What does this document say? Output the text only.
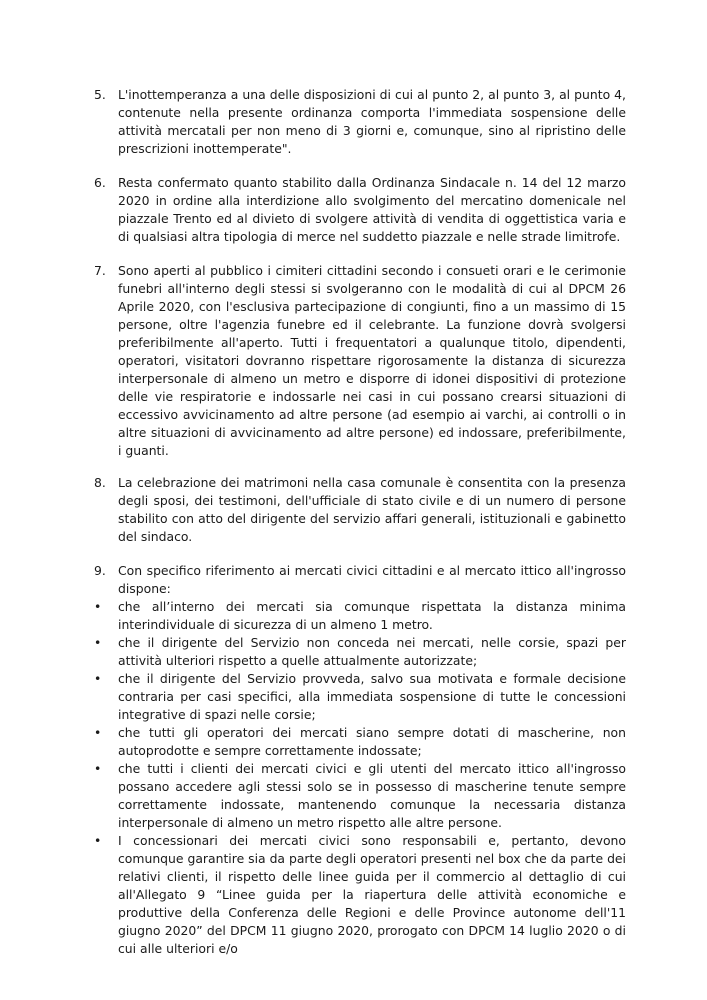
5. L'inottemperanza a una delle disposizioni di cui al punto 2, al punto 3, al punto 4, contenute nella presente ordinanza comporta l'immediata sospensione delle attività mercatali per non meno di 3 giorni e, comunque, sino al ripristino delle prescrizioni inottemperate".
6. Resta confermato quanto stabilito dalla Ordinanza Sindacale n. 14 del 12 marzo 2020 in ordine alla interdizione allo svolgimento del mercatino domenicale nel piazzale Trento ed al divieto di svolgere attività di vendita di oggettistica varia e di qualsiasi altra tipologia di merce nel suddetto piazzale e nelle strade limitrofe.
7. Sono aperti al pubblico i cimiteri cittadini secondo i consueti orari e le cerimonie funebri all'interno degli stessi si svolgeranno con le modalità di cui al DPCM 26 Aprile 2020, con l'esclusiva partecipazione di congiunti, fino a un massimo di 15 persone, oltre l'agenzia funebre ed il celebrante. La funzione dovrà svolgersi preferibilmente all'aperto. Tutti i frequentatori a qualunque titolo, dipendenti, operatori, visitatori dovranno rispettare rigorosamente la distanza di sicurezza interpersonale di almeno un metro e disporre di idonei dispositivi di protezione delle vie respiratorie e indossarle nei casi in cui possano crearsi situazioni di eccessivo avvicinamento ad altre persone (ad esempio ai varchi, ai controlli o in altre situazioni di avvicinamento ad altre persone) ed indossare, preferibilmente, i guanti.
8. La celebrazione dei matrimoni nella casa comunale è consentita con la presenza degli sposi, dei testimoni, dell'ufficiale di stato civile e di un numero di persone stabilito con atto del dirigente del servizio affari generali, istituzionali e gabinetto del sindaco.
9. Con specifico riferimento ai mercati civici cittadini e al mercato ittico all'ingrosso dispone:
•	che all’interno dei mercati sia comunque rispettata la distanza minima interindividuale di sicurezza di un almeno 1 metro.
•	che il dirigente del Servizio non conceda nei mercati, nelle corsie, spazi per attività ulteriori rispetto a quelle attualmente autorizzate;
•	che il dirigente del Servizio provveda, salvo sua motivata e formale decisione contraria per casi specifici, alla immediata sospensione di tutte le concessioni integrative di spazi nelle corsie;
•	che tutti gli operatori dei mercati siano sempre dotati di mascherine, non autoprodotte e sempre correttamente indossate;
•	che tutti i clienti dei mercati civici e gli utenti del mercato ittico all'ingrosso possano accedere agli stessi solo se in possesso di mascherine tenute sempre correttamente indossate, mantenendo comunque la necessaria distanza interpersonale di almeno un metro rispetto alle altre persone.
•	I concessionari dei mercati civici sono responsabili e, pertanto, devono comunque garantire sia da parte degli operatori presenti nel box che da parte dei relativi clienti, il rispetto delle linee guida per il commercio al dettaglio di cui all'Allegato 9 “Linee guida per la riapertura delle attività economiche e produttive della Conferenza delle Regioni e delle Province autonome dell'11 giugno 2020” del DPCM 11 giugno 2020, prorogato con DPCM 14 luglio 2020 o di cui alle ulteriori e/o
